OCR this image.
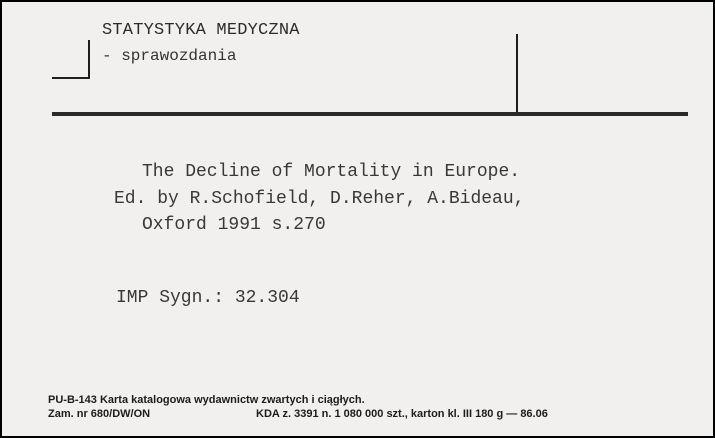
STATYSTYKA MEDYCZNA
- sprawozdania
The Decline of Mortality in Europe.
Ed. by R.Schofield, D.Reher, A.Bideau,
Oxford 1991 s.270
IMP Sygn.: 32.304
PU-B-143 Karta katalogowa wydawnictw zwartych i ciągłych.
Zam. nr 680/DW/ON	KDA z. 3391 n. 1 080 000 szt., karton kl. III 180 g — 86.06
